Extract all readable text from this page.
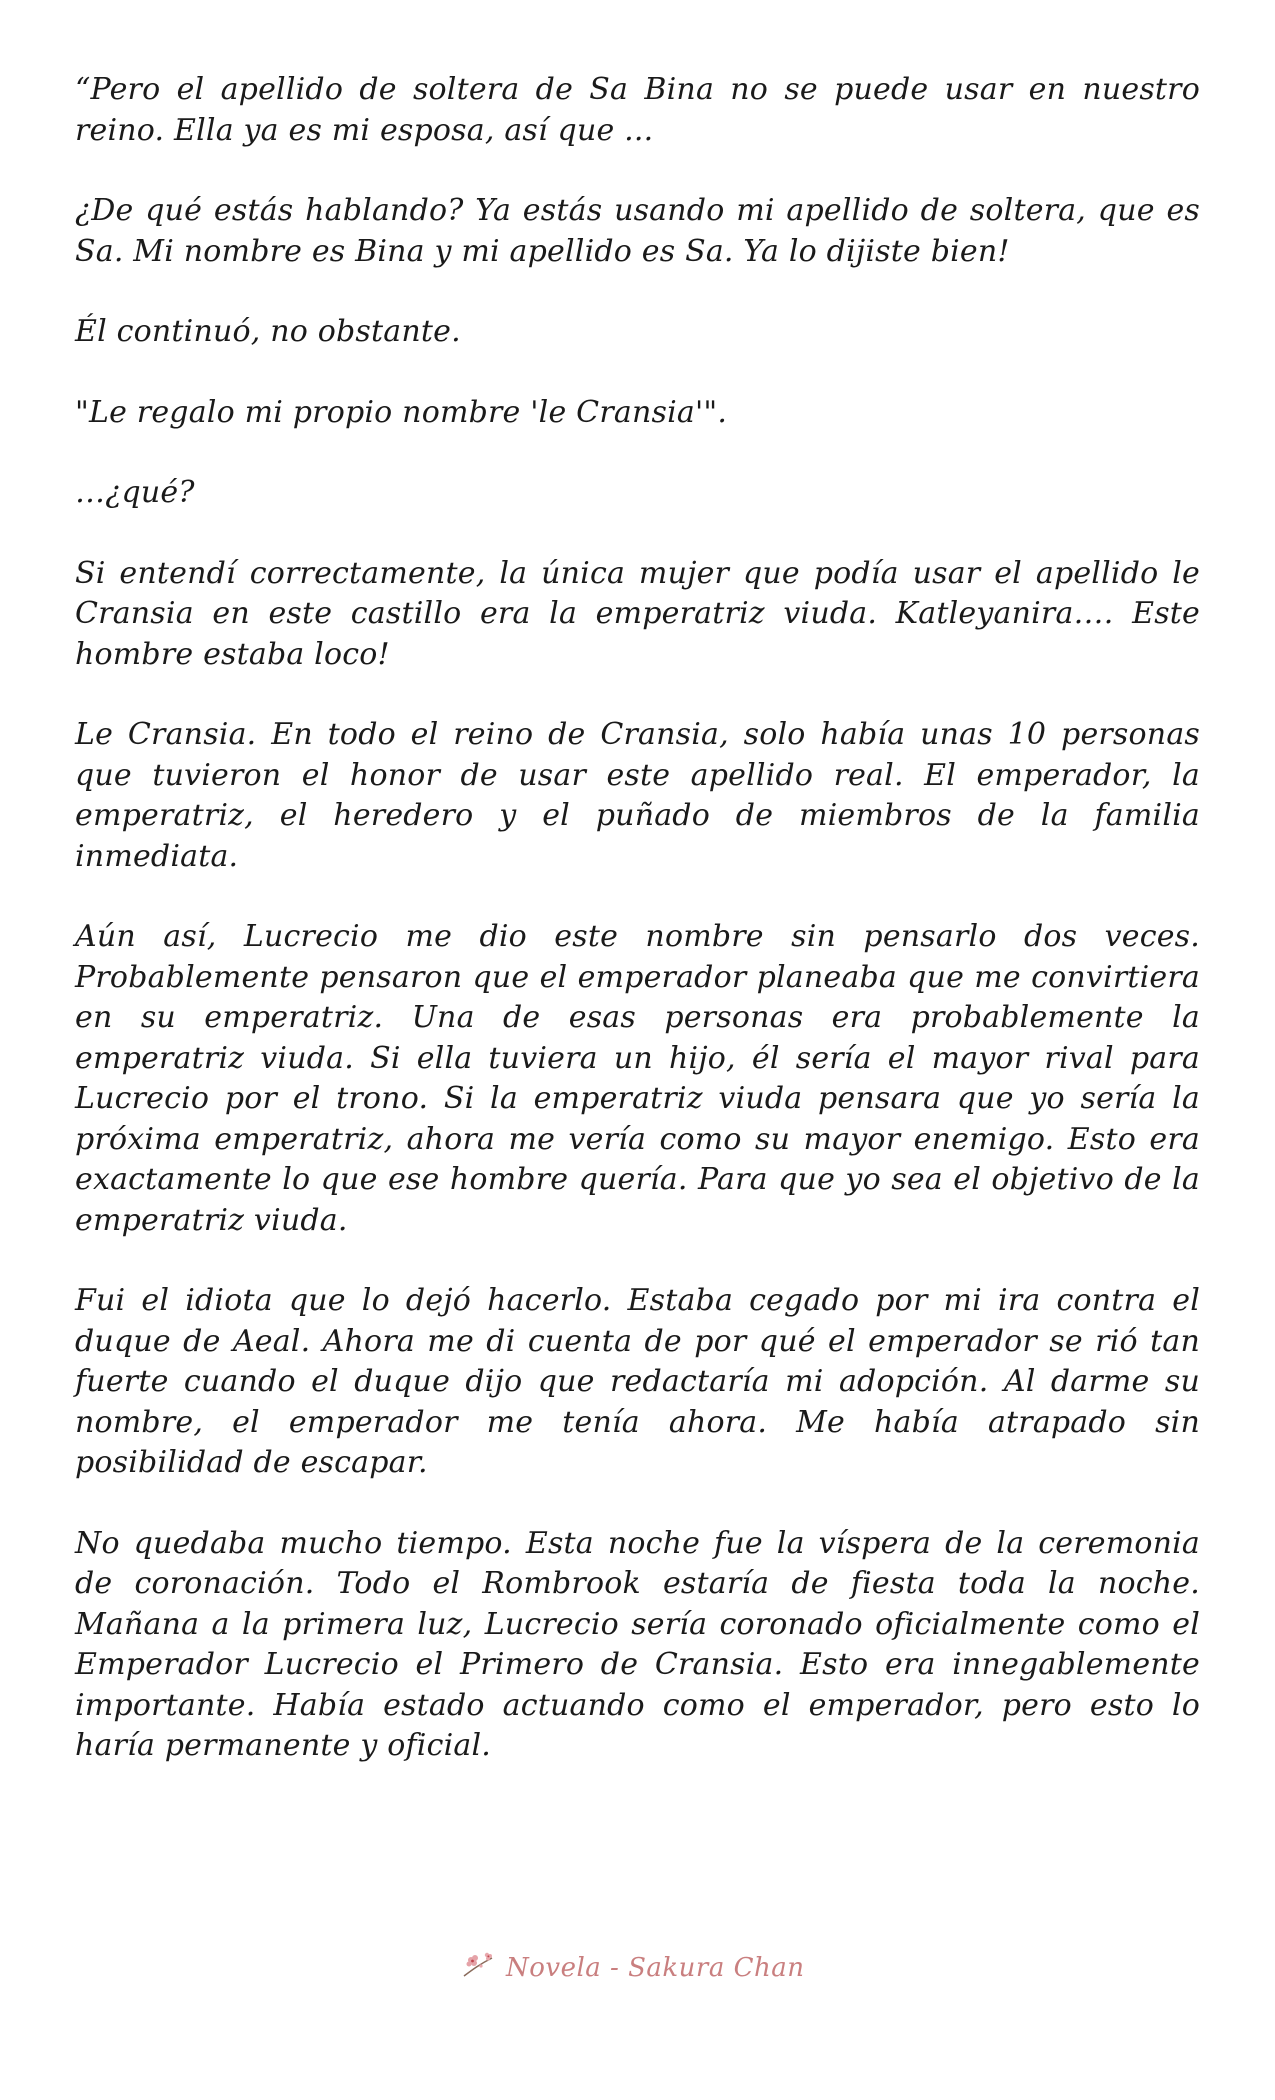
“Pero el apellido de soltera de Sa Bina no se puede usar en nuestro reino. Ella ya es mi esposa, así que ...

¿De qué estás hablando? Ya estás usando mi apellido de soltera, que es Sa. Mi nombre es Bina y mi apellido es Sa. Ya lo dijiste bien!

Él continuó, no obstante.

"Le regalo mi propio nombre 'le Cransia'".

…¿qué?

Si entendí correctamente, la única mujer que podía usar el apellido le Cransia en este castillo era la emperatriz viuda. Katleyanira…. Este hombre estaba loco!

Le Cransia. En todo el reino de Cransia, solo había unas 10 personas que tuvieron el honor de usar este apellido real. El emperador, la emperatriz, el heredero y el puñado de miembros de la familia inmediata.

Aún así, Lucrecio me dio este nombre sin pensarlo dos veces. Probablemente pensaron que el emperador planeaba que me convirtiera en su emperatriz. Una de esas personas era probablemente la emperatriz viuda. Si ella tuviera un hijo, él sería el mayor rival para Lucrecio por el trono. Si la emperatriz viuda pensara que yo sería la próxima emperatriz, ahora me vería como su mayor enemigo. Esto era exactamente lo que ese hombre quería. Para que yo sea el objetivo de la emperatriz viuda.

Fui el idiota que lo dejó hacerlo. Estaba cegado por mi ira contra el duque de Aeal. Ahora me di cuenta de por qué el emperador se rió tan fuerte cuando el duque dijo que redactaría mi adopción. Al darme su nombre, el emperador me tenía ahora. Me había atrapado sin posibilidad de escapar.

No quedaba mucho tiempo. Esta noche fue la víspera de la ceremonia de coronación. Todo el Rombrook estaría de fiesta toda la noche. Mañana a la primera luz, Lucrecio sería coronado oficialmente como el Emperador Lucrecio el Primero de Cransia. Esto era innegablemente importante. Había estado actuando como el emperador, pero esto lo haría permanente y oficial.

Novela - Sakura Chan
